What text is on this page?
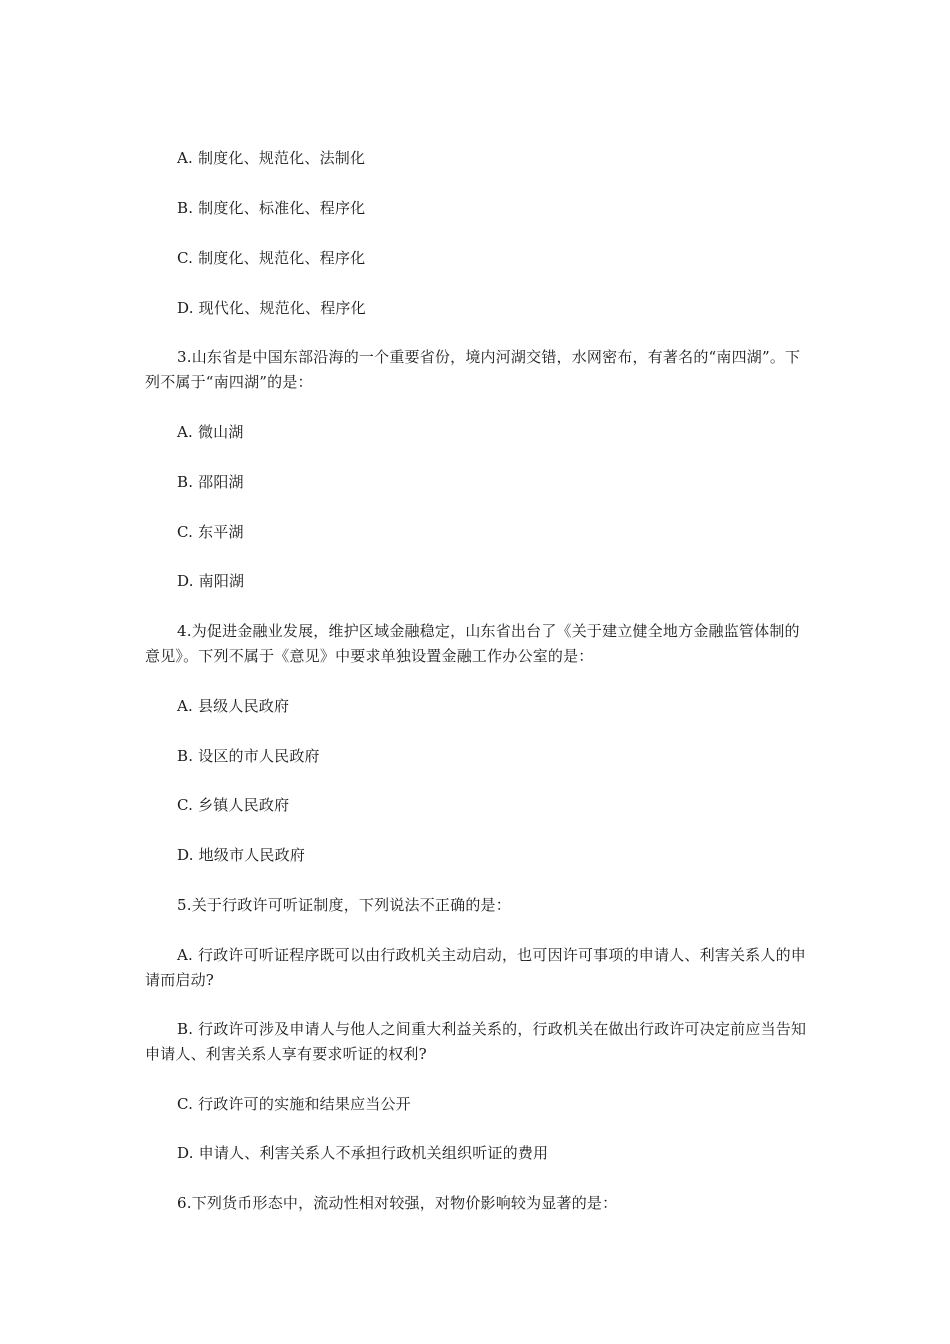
A. 制度化、规范化、法制化

B. 制度化、标准化、程序化

C. 制度化、规范化、程序化

D. 现代化、规范化、程序化

3.山东省是中国东部沿海的一个重要省份，境内河湖交错，水网密布，有著名的“南四湖”。下列不属于“南四湖”的是：

A. 微山湖

B. 邵阳湖

C. 东平湖

D. 南阳湖

4.为促进金融业发展，维护区域金融稳定，山东省出台了《关于建立健全地方金融监管体制的意见》。下列不属于《意见》中要求单独设置金融工作办公室的是：

A. 县级人民政府

B. 设区的市人民政府

C. 乡镇人民政府

D. 地级市人民政府

5.关于行政许可听证制度，下列说法不正确的是：

A. 行政许可听证程序既可以由行政机关主动启动，也可因许可事项的申请人、利害关系人的申请而启动?

B. 行政许可涉及申请人与他人之间重大利益关系的，行政机关在做出行政许可决定前应当告知申请人、利害关系人享有要求听证的权利?

C. 行政许可的实施和结果应当公开

D. 申请人、利害关系人不承担行政机关组织听证的费用

6.下列货币形态中，流动性相对较强，对物价影响较为显著的是：
